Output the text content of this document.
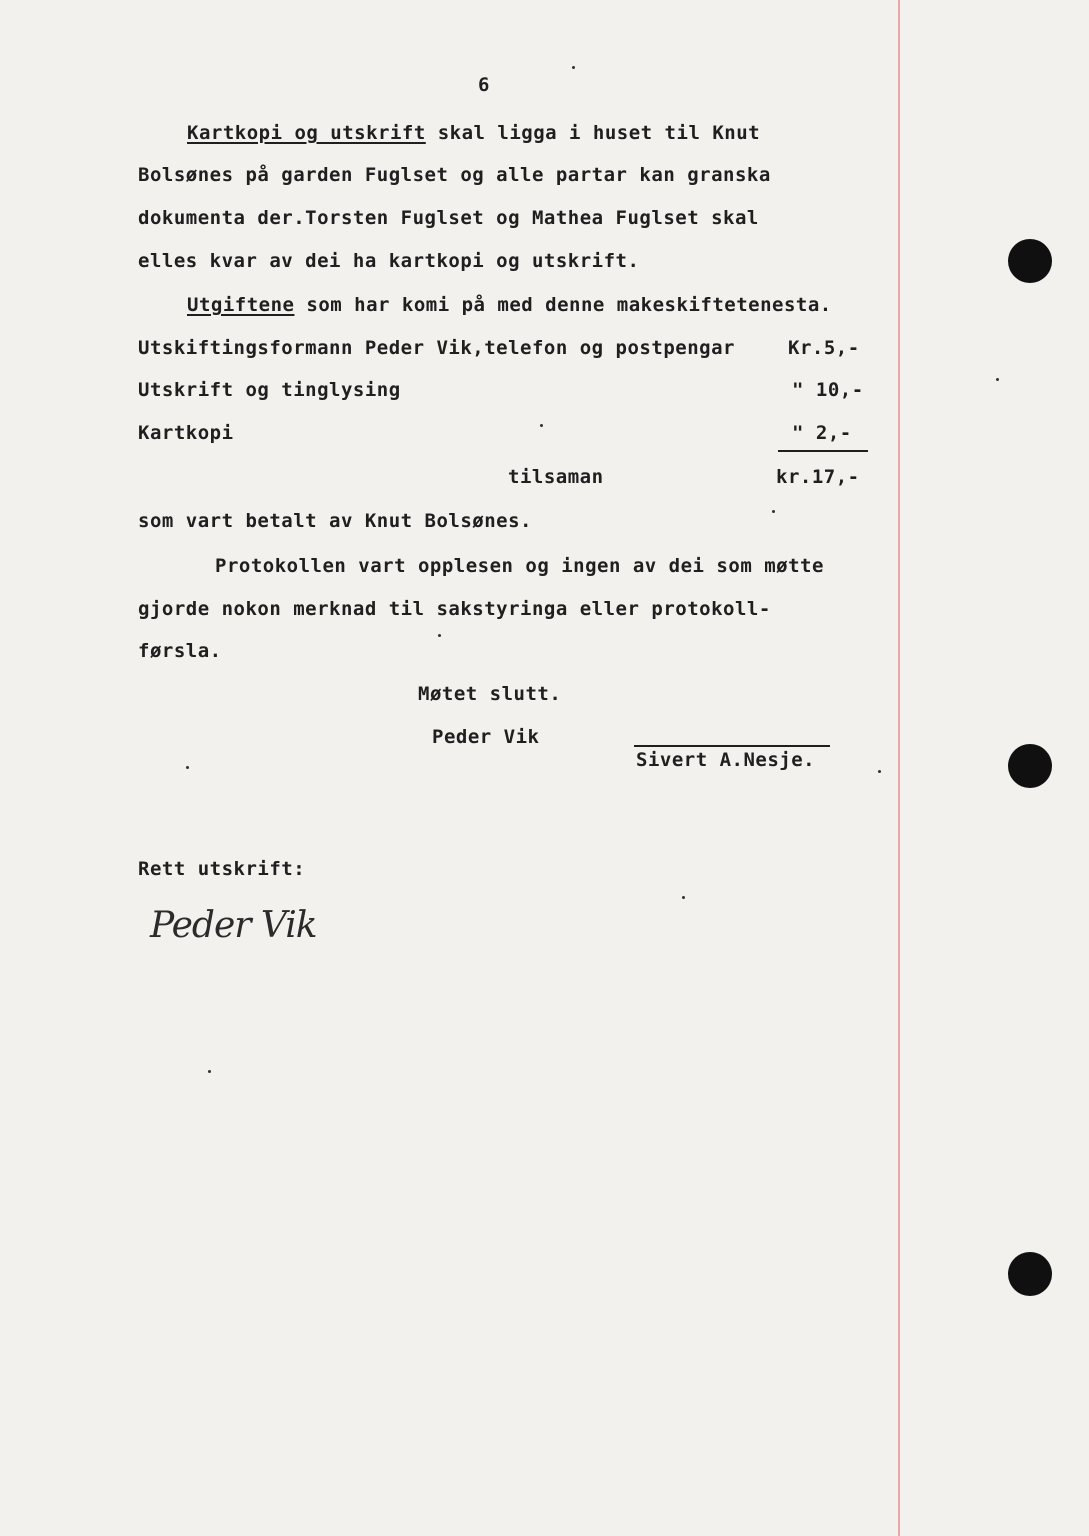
6
Kartkopi og utskrift skal ligga i huset til Knut
Bolsønes på garden Fuglset og alle partar kan granska
dokumenta der.Torsten Fuglset og Mathea Fuglset skal
elles kvar av dei ha kartkopi og utskrift.
Utgiftene som har komi på med denne makeskiftetenesta.
Utskiftingsformann Peder Vik,telefon og postpengar	Kr.5,-
Utskrift og tinglysing	" 10,-
Kartkopi	" 2,-
tilsaman	kr.17,-
som vart betalt av Knut Bolsønes.
Protokollen vart opplesen og ingen av dei som møtte
gjorde nokon merknad til sakstyringa eller protokoll-
førsla.
Møtet slutt.
Peder Vik
Sivert A.Nesje.
Rett utskrift:
Peder Vik
